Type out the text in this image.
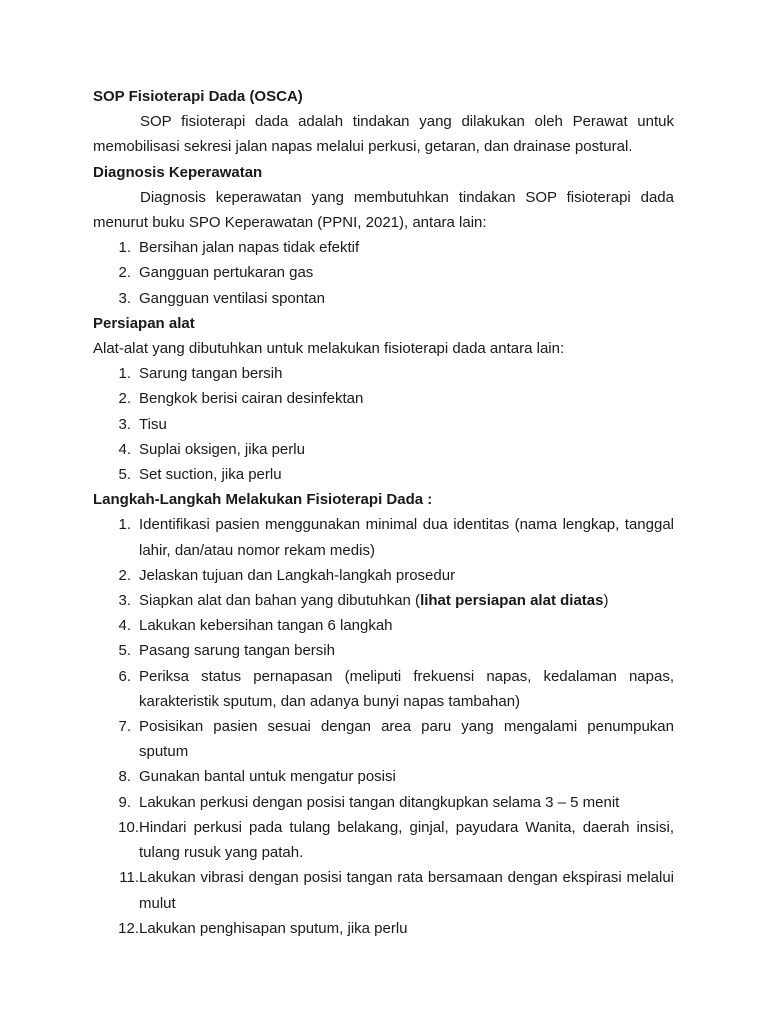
SOP Fisioterapi Dada (OSCA)

SOP fisioterapi dada adalah tindakan yang dilakukan oleh Perawat untuk memobilisasi sekresi jalan napas melalui perkusi, getaran, dan drainase postural.

Diagnosis Keperawatan

Diagnosis keperawatan yang membutuhkan tindakan SOP fisioterapi dada menurut buku SPO Keperawatan (PPNI, 2021), antara lain:

1. Bersihan jalan napas tidak efektif
2. Gangguan pertukaran gas
3. Gangguan ventilasi spontan

Persiapan alat

Alat-alat yang dibutuhkan untuk melakukan fisioterapi dada antara lain:

1. Sarung tangan bersih
2. Bengkok berisi cairan desinfektan
3. Tisu
4. Suplai oksigen, jika perlu
5. Set suction, jika perlu

Langkah-Langkah Melakukan Fisioterapi Dada :

1. Identifikasi pasien menggunakan minimal dua identitas (nama lengkap, tanggal lahir, dan/atau nomor rekam medis)
2. Jelaskan tujuan dan Langkah-langkah prosedur
3. Siapkan alat dan bahan yang dibutuhkan (lihat persiapan alat diatas)
4. Lakukan kebersihan tangan 6 langkah
5. Pasang sarung tangan bersih
6. Periksa status pernapasan (meliputi frekuensi napas, kedalaman napas, karakteristik sputum, dan adanya bunyi napas tambahan)
7. Posisikan pasien sesuai dengan area paru yang mengalami penumpukan sputum
8. Gunakan bantal untuk mengatur posisi
9. Lakukan perkusi dengan posisi tangan ditangkupkan selama 3 – 5 menit
10. Hindari perkusi pada tulang belakang, ginjal, payudara Wanita, daerah insisi, tulang rusuk yang patah.
11. Lakukan vibrasi dengan posisi tangan rata bersamaan dengan ekspirasi melalui mulut
12. Lakukan penghisapan sputum, jika perlu
